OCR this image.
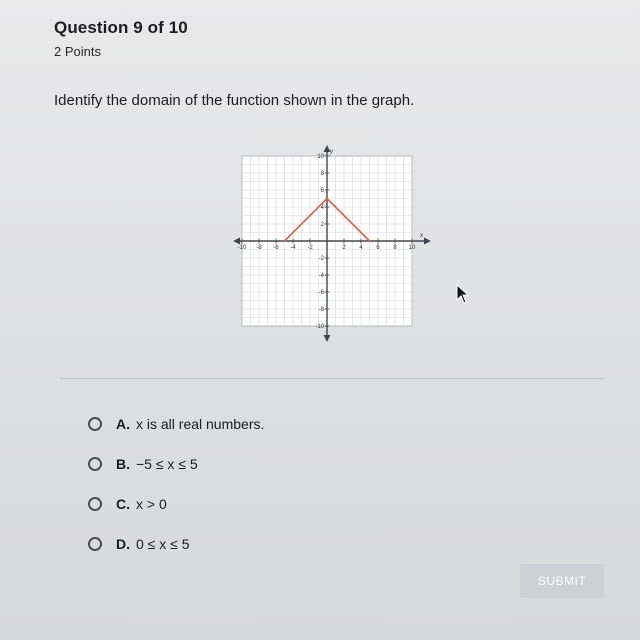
Question 9 of 10
2 Points
Identify the domain of the function shown in the graph.
x
y
-10 -8 -6 -4 -2	2 4 6 8 10
10
8
6
4
2
-2
-4
-6
-8
-10
A. x is all real numbers.
B. −5 ≤ x ≤ 5
C. x > 0
D. 0 ≤ x ≤ 5
SUBMIT
